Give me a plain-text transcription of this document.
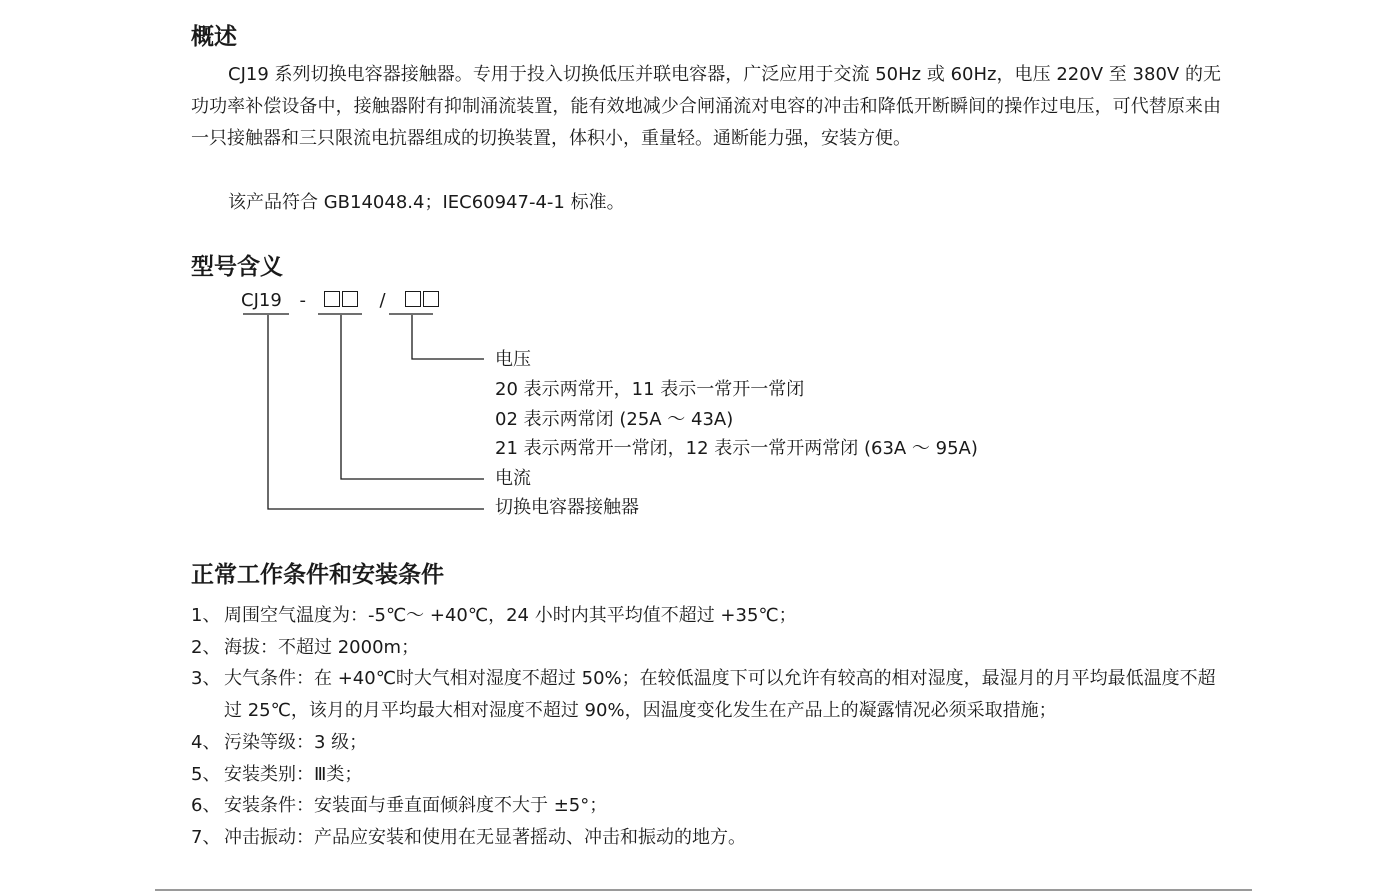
概述

CJ19 系列切换电容器接触器。专用于投入切换低压并联电容器，广泛应用于交流 50Hz 或 60Hz，电压 220V 至 380V 的无功功率补偿设备中，接触器附有抑制涌流装置，能有效地减少合闸涌流对电容的冲击和降低开断瞬间的操作过电压，可代替原来由一只接触器和三只限流电抗器组成的切换装置，体积小，重量轻。通断能力强，安装方便。

该产品符合 GB14048.4；IEC60947-4-1 标准。

型号含义
CJ19 -	/
电压
20 表示两常开，11 表示一常开一常闭
02 表示两常闭 (25A ～ 43A)
21 表示两常开一常闭，12 表示一常开两常闭 (63A ～ 95A)
电流
切换电容器接触器
正常工作条件和安装条件
1、 周围空气温度为：-5℃～ +40℃，24 小时内其平均值不超过 +35℃；
2、 海拔：不超过 2000m；
3、 大气条件：在 +40℃时大气相对湿度不超过 50%；在较低温度下可以允许有较高的相对湿度，最湿月的月平均最低温度不超过 25℃，该月的月平均最大相对湿度不超过 90%，因温度变化发生在产品上的凝露情况必须采取措施；
4、 污染等级：3 级；
5、 安装类别：Ⅲ类；
6、 安装条件：安装面与垂直面倾斜度不大于 ±5°；
7、 冲击振动：产品应安装和使用在无显著摇动、冲击和振动的地方。
